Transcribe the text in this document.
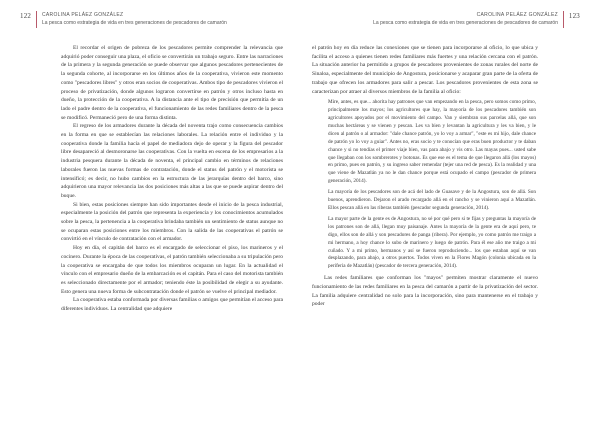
122 CAROLINA PELÁEZ GONZÁLEZ
La pesca como estrategia de vida en tres generaciones de pescadores de camarón

El recordar el origen de pobreza de los pescadores permite comprender la relevancia que adquirió poder conseguir una plaza, el oficio se convertirán un trabajo seguro. Entre las narraciones de la primera y la segunda generación se puede observar que algunos pescadores pertenecientes de la segunda cohorte, al incorporarse en los últimos años de la cooperativa, vivieron este momento como "pescadores libres" y otros eran socios de cooperativas. Ambos tipo de pescadores vivieron el proceso de privatización, donde algunos lograron convertirse en patrón y otros incluso hasta en dueño, la protección de la cooperativa. A la distancia ante el tipo de precisión que permitía de un lado el padre dentro de la cooperativa, el funcionamiento de las redes familiares dentro de la pesca se modificó. Permaneció pero de una forma distinta.

El regreso de los armadores durante la década del noventa trajo como consecuencia cambios en la forma en que se establecían las relaciones laborales. La relación entre el individuo y la cooperativa donde la familia hacía el papel de mediadora dejo de operar y la figura del pescador libre desapareció al desmoronarse las cooperativas. Con la vuelta en escena de los empresarios a la industria pesquera durante la década de noventa, el principal cambio en términos de relaciones laborales fueron las nuevas formas de contratación, donde el status del patrón y el motorista se intensificó; es decir, no hubo cambios en la estructura de las jerarquías dentro del barco, sino adquirieron una mayor relevancia las dos posiciones más altas a las que se puede aspirar dentro del buque.

Si bien, estas posiciones siempre han sido importantes desde el inicio de la pesca industrial, especialmente la posición del patrón que representa la experiencia y los conocimientos acumulados sobre la pesca, la pertenencia a la cooperativa brindaba también un sentimiento de status aunque no se ocuparan estas posiciones entre los miembros. Con la salida de las cooperativas el patrón se convirtió en el vínculo de contratación con el armador.

Hoy en día, el capitán del barco es el encargado de seleccionar el piso, los marineros y el cocinero. Durante la época de las cooperativas, el patrón también seleccionaba a su tripulación pero la cooperativa se encargaba de que todos los miembros ocuparan un lugar. En la actualidad el vínculo con el empresario dueño de la embarcación es el capitán. Para el caso del motorista también es seleccionado directamente por el armador; teniendo éste la posibilidad de elegir a su ayudante. Esto genera una nueva forma de subcontratación donde el patrón se vuelve el principal mediador.

La cooperativa estaba conformada por diversas familias o amigos que permitían el acceso para diferentes individuos. La centralidad que adquiere

CAROLINA PELÁEZ GONZÁLEZ
La pesca como estrategia de vida en tres generaciones de pescadores de camarón
123

el patrón hoy en día reduce las conexiones que se tienen para incorporarse al oficio, lo que ubica y facilita el acceso a quienes tienen redes familiares más fuertes y una relación cercana con el patrón. La situación anterior ha permitido a grupos de pescadores provenientes de zonas rurales del norte de Sinaloa, especialmente del municipio de Angostura, posicionarse y acaparar gran parte de la oferta de trabajo que ofrecen los armadores para salir a pescar. Los pescadores provenientes de esta zona se caracterizan por atraer al diversos miembros de la familia al oficio:

Mire, antes, es que... ahorita hay patrones que van empezando en la pesca, pero somos como primo, principalmente los mayos; los agricultores que hay, la mayoría de los pescadores también son agricultores apoyados por el movimiento del campo. Van y siembran sus parcelas allá, que son muchas hectáreas y se vienen y pescan. Les va bien y levantan la agricultura y les va bien, y le dicen al patrón o al armador: "dale chance patrón, yo lo voy a armar", "este es mi hijo, dale chance de patrón yo lo voy a guiar". Antes no, eras socio y te conocían que eras buen productor y te daban chance y si no tendías el primer viaje bien, vas para abajo y vis otro. Las mayas pues... usted sabe que llegaban con los sombrerotes y botonas. Es que ese es el tema de que llegaron allá (los mayos) en primo, pues en patrón, y su ingreso saber remendar (tejer una red de pesca). Es la realidad y una que viene de Mazatlán ya no le dan chance porque está ocupado el campo (pescador de primera generación, 2014).

La mayoría de los pescadores son de acá del lado de Guasave y de la Angostura, son de allá. Son buenos, aprendieron. Dejaron el arado recargado allá en el rancho y se vinieron aquí a Mazatlán. Ellos pescan allá en las riberas también (pescador segunda generación, 2014).

La mayor parte de la gente es de Angostura, no sé por qué pero si te fijas y preguntas la mayoría de los patrones son de allá, llegan muy paisanaje. Antes la mayoría de la gente era de aquí pero, te digo, ellos son de allá y son pescadores de panga (ribera). Por ejemplo, yo como patrón me traigo a mi hermano, a hoy chance lo subo de marinero y luego de patrón. Para él ese año me traigo a mi cuñado. Y a mi primo, hermanos y así se fueron reproduciendo... los que estaban aquí se van desplazando, para abajo, a otros puertos. Todos viven en la Flores Magón (colonia ubicada en la periferia de Mazatlán) (pescador de tercera generación, 2014).

Las redes familiares que conforman los "mayos" permiten mostrar claramente el nuevo funcionamiento de las redes familiares en la pesca del camarón a partir de la privatización del sector. La familia adquiere centralidad no solo para la incorporación, sino para mantenerse en el trabajo y poder
